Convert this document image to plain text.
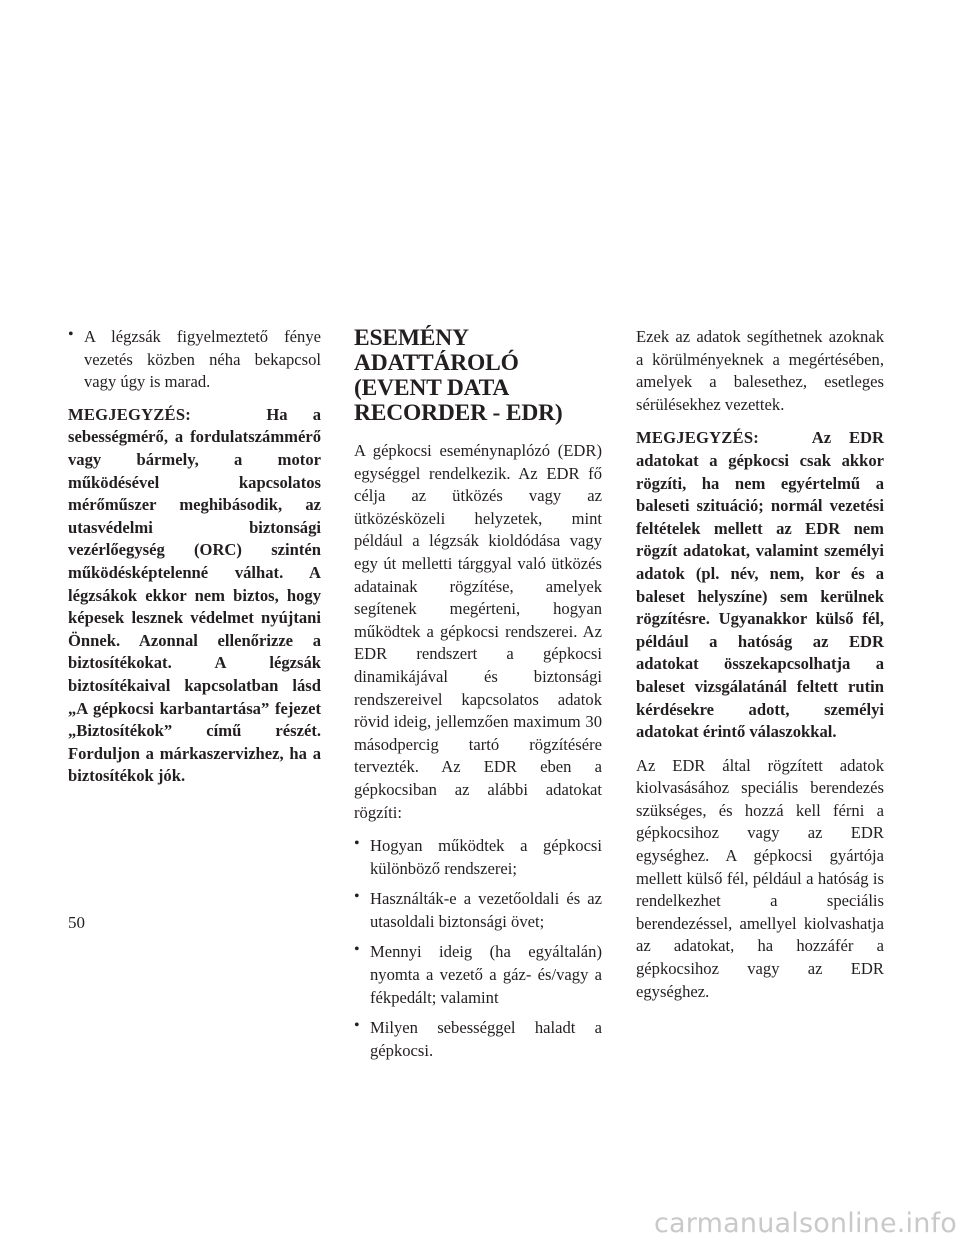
• A légzsák figyelmeztető fénye vezetés közben néha bekapcsol vagy úgy is marad.

MEGJEGYZÉS:	Ha a sebességmérő, a fordulatszámmérő vagy bármely, a motor működésével kapcsolatos mérőműszer meghibásodik, az utasvédelmi biztonsági vezérlőegység (ORC) szintén működésképtelenné válhat. A légzsákok ekkor nem biztos, hogy képesek lesznek védelmet nyújtani Önnek. Azonnal ellenőrizze a biztosítékokat. A légzsák biztosítékaival kapcsolatban lásd „A gépkocsi karbantartása” fejezet „Biztosítékok” című részét. Forduljon a márkaszervizhez, ha a biztosítékok jók.

ESEMÉNY ADATTÁROLÓ
(EVENT DATA
RECORDER - EDR)

A gépkocsi eseménynaplózó (EDR) egységgel rendelkezik. Az EDR fő célja az ütközés vagy az ütközésközeli helyzetek, mint például a légzsák kioldódása vagy egy út melletti tárggyal való ütközés adatainak rögzítése, amelyek segítenek megérteni, hogyan működtek a gépkocsi rendszerei. Az EDR rendszert a gépkocsi dinamikájával és biztonsági rendszereivel kapcsolatos adatok rövid ideig, jellemzően maximum 30 másodpercig tartó rögzítésére tervezték. Az EDR eben a gépkocsiban az alábbi adatokat rögzíti:

• Hogyan működtek a gépkocsi különböző rendszerei;

• Használták-e a vezetőoldali és az utasoldali biztonsági övet;

• Mennyi ideig (ha egyáltalán) nyomta a vezető a gáz- és/vagy a fékpedált; valamint

• Milyen sebességgel haladt a gépkocsi.

Ezek az adatok segíthetnek azoknak a körülményeknek a megértésében, amelyek a balesethez, esetleges sérülésekhez vezettek.

MEGJEGYZÉS:	Az EDR adatokat a gépkocsi csak akkor rögzíti, ha nem egyértelmű a baleseti szituáció; normál vezetési feltételek mellett az EDR nem rögzít adatokat, valamint személyi adatok (pl. név, nem, kor és a baleset helyszíne) sem kerülnek rögzítésre. Ugyanakkor külső fél, például a hatóság az EDR adatokat összekapcsolhatja a baleset vizsgálatánál feltett rutin kérdésekre adott, személyi adatokat érintő válaszokkal.

Az EDR által rögzített adatok kiolvasásához speciális berendezés szükséges, és hozzá kell férni a gépkocsihoz vagy az EDR egységhez. A gépkocsi gyártója mellett külső fél, például a hatóság is rendelkezhet a speciális berendezéssel, amellyel kiolvashatja az adatokat, ha hozzáfér a gépkocsihoz vagy az EDR egységhez.

50
carmanualsonline.info
